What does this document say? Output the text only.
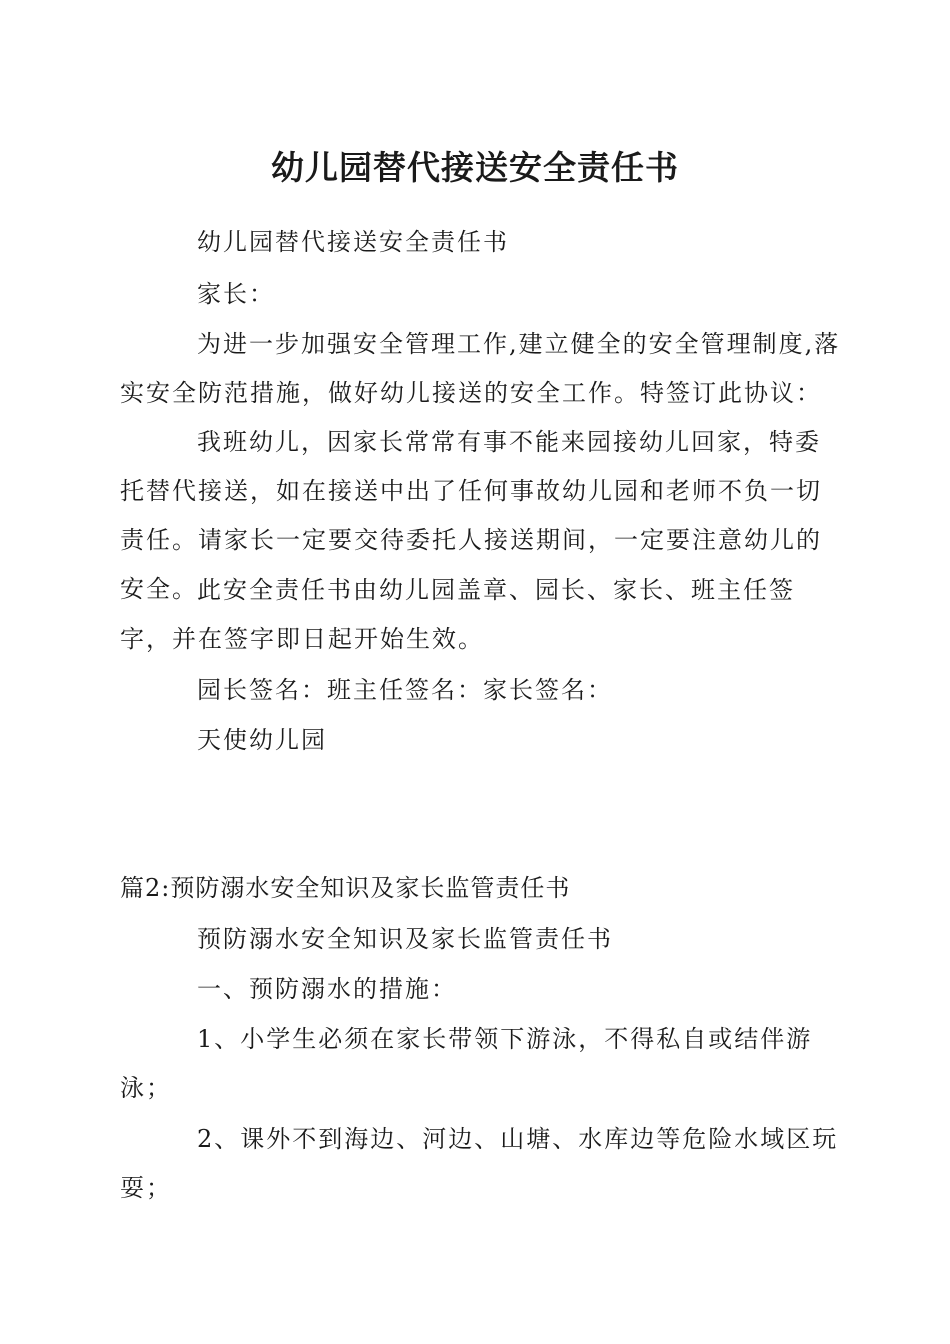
幼儿园替代接送安全责任书

幼儿园替代接送安全责任书

家长：

为进一步加强安全管理工作,建立健全的安全管理制度,落实安全防范措施，做好幼儿接送的安全工作。特签订此协议：

我班幼儿，因家长常常有事不能来园接幼儿回家，特委托替代接送，如在接送中出了任何事故幼儿园和老师不负一切责任。请家长一定要交待委托人接送期间，一定要注意幼儿的安全。 此安全责任书由幼儿园盖章、园长、家长、班主任签字，并在签字即日起开始生效。

园长签名：班主任签名：家长签名：

天使幼儿园

篇2:预防溺水安全知识及家长监管责任书

预防溺水安全知识及家长监管责任书

一、预防溺水的措施：

1、小学生必须在家长带领下游泳，不得私自或结伴游泳；

2、课外不到海边、河边、山塘、水库边等危险水域区玩耍；
